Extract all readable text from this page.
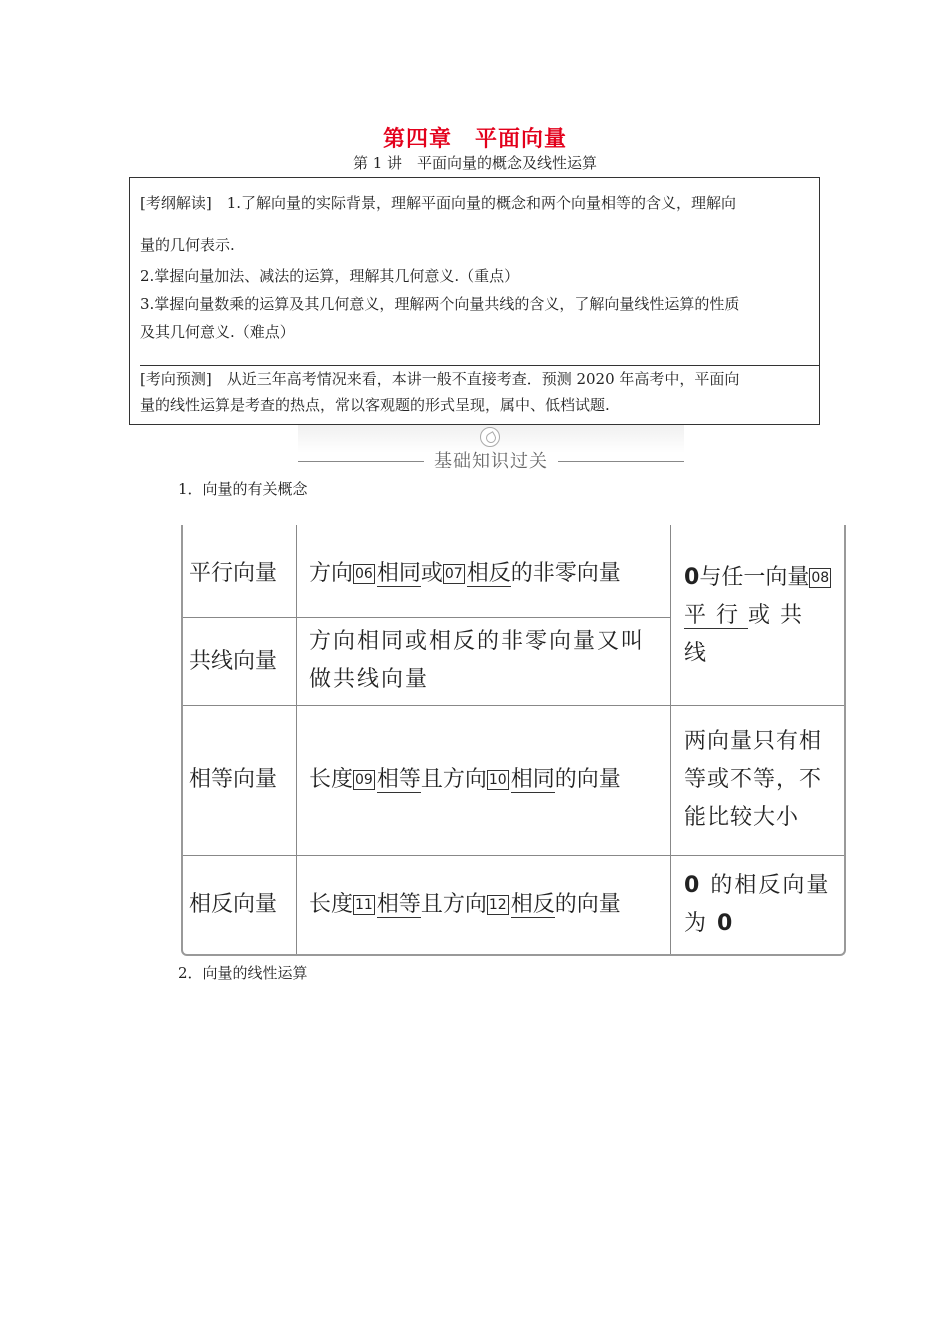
第四章　平面向量
第 1 讲　平面向量的概念及线性运算
[考纲解读]　1.了解向量的实际背景，理解平面向量的概念和两个向量相等的含义，理解向
量的几何表示.
2.掌握向量加法、减法的运算，理解其几何意义.（重点）
3.掌握向量数乘的运算及其几何意义，理解两个向量共线的含义，了解向量线性运算的性质
及其几何意义.（难点）
[考向预测]　从近三年高考情况来看，本讲一般不直接考查．预测 2020 年高考中，平面向
量的线性运算是考查的热点，常以客观题的形式呈现，属中、低档试题.
基础知识过关
1．向量的有关概念
平行向量 方向 06 相同或 07 相反的非零向量
共线向量
方向相同或相反的非零向量又叫做共线向量
0与任一向量 08平行或共线
相等向量 长度 09 相等且方向 10 相同的向量
两向量只有相等或不等，不能比较大小
相反向量 长度 11 相等且方向 12 相反的向量
0 的相反向量为 0
2．向量的线性运算
